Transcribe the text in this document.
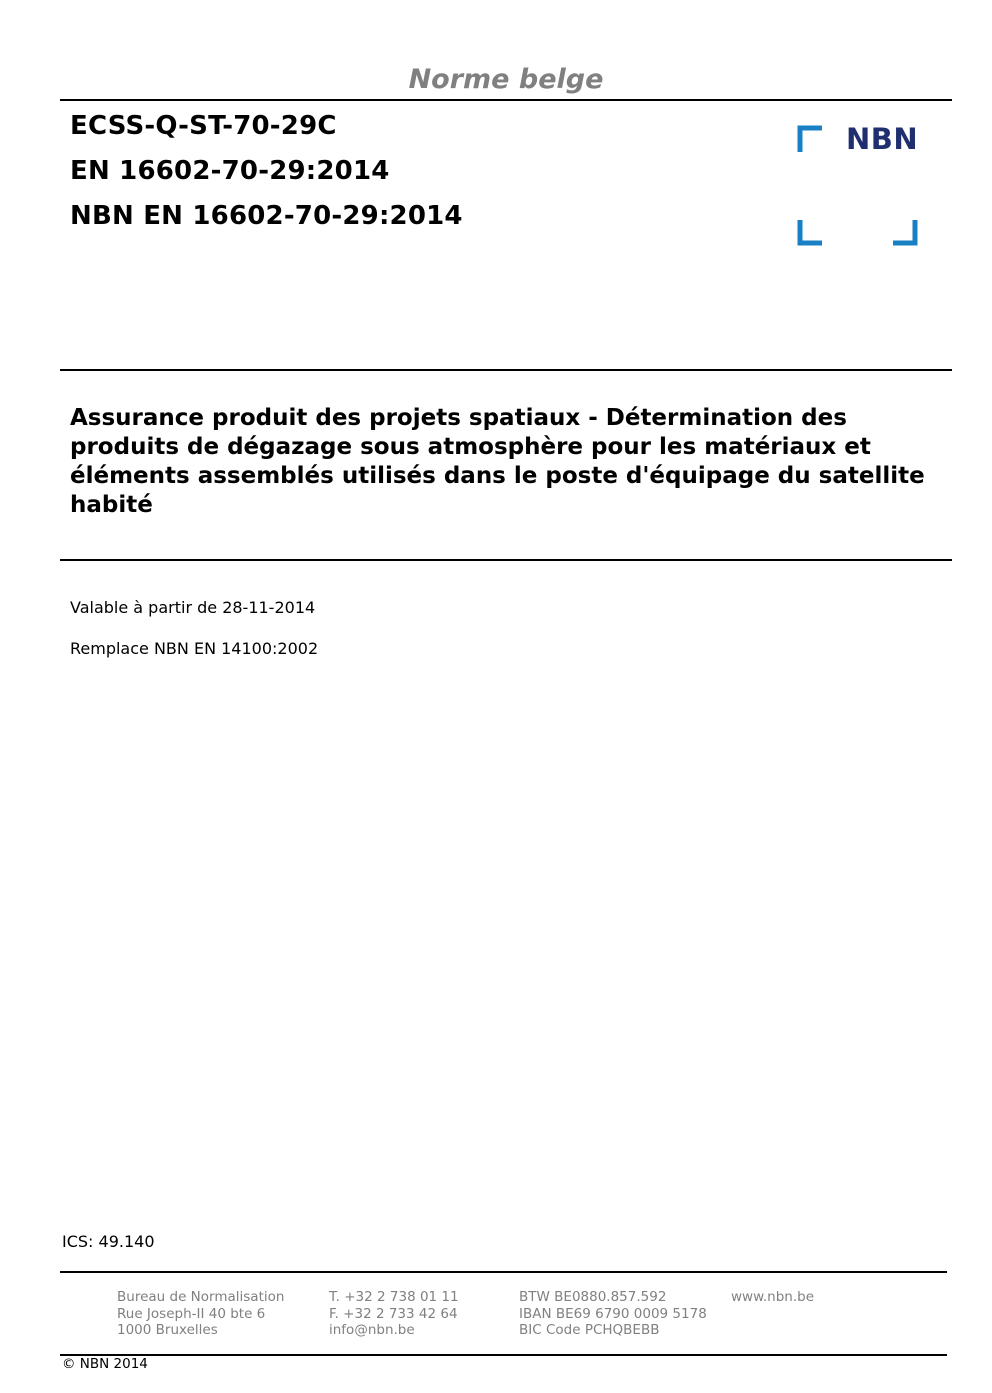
Norme belge
ECSS-Q-ST-70-29C
EN 16602-70-29:2014
NBN EN 16602-70-29:2014
NBN
Assurance produit des projets spatiaux - Détermination des produits de dégazage sous atmosphère pour les matériaux et éléments assemblés utilisés dans le poste d'équipage du satellite habité
Valable à partir de 28-11-2014
Remplace NBN EN 14100:2002
ICS: 49.140
Bureau de Normalisation
Rue Joseph-II 40 bte 6
1000 Bruxelles
T. +32 2 738 01 11
F. +32 2 733 42 64
info@nbn.be
BTW BE0880.857.592
IBAN BE69 6790 0009 5178
BIC Code PCHQBEBB
www.nbn.be
© NBN 2014
